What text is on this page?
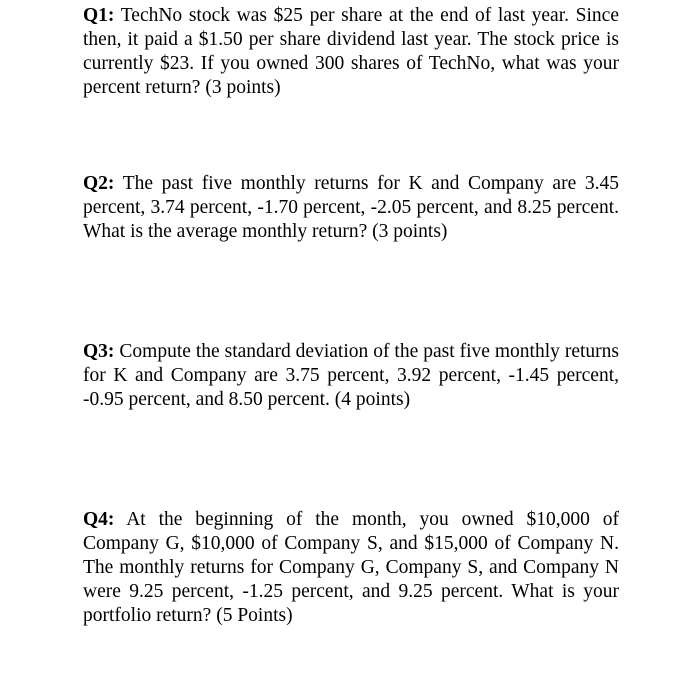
Q1: TechNo stock was $25 per share at the end of last year. Since then, it paid a $1.50 per share dividend last year. The stock price is currently $23. If you owned 300 shares of TechNo, what was your percent return? (3 points)

Q2: The past five monthly returns for K and Company are 3.45 percent, 3.74 percent, -1.70 percent, -2.05 percent, and 8.25 percent. What is the average monthly return? (3 points)

Q3: Compute the standard deviation of the past five monthly returns for K and Company are 3.75 percent, 3.92 percent, -1.45 percent, -0.95 percent, and 8.50 percent. (4 points)

Q4: At the beginning of the month, you owned $10,000 of Company G, $10,000 of Company S, and $15,000 of Company N. The monthly returns for Company G, Company S, and Company N were 9.25 percent, -1.25 percent, and 9.25 percent. What is your portfolio return? (5 Points)
